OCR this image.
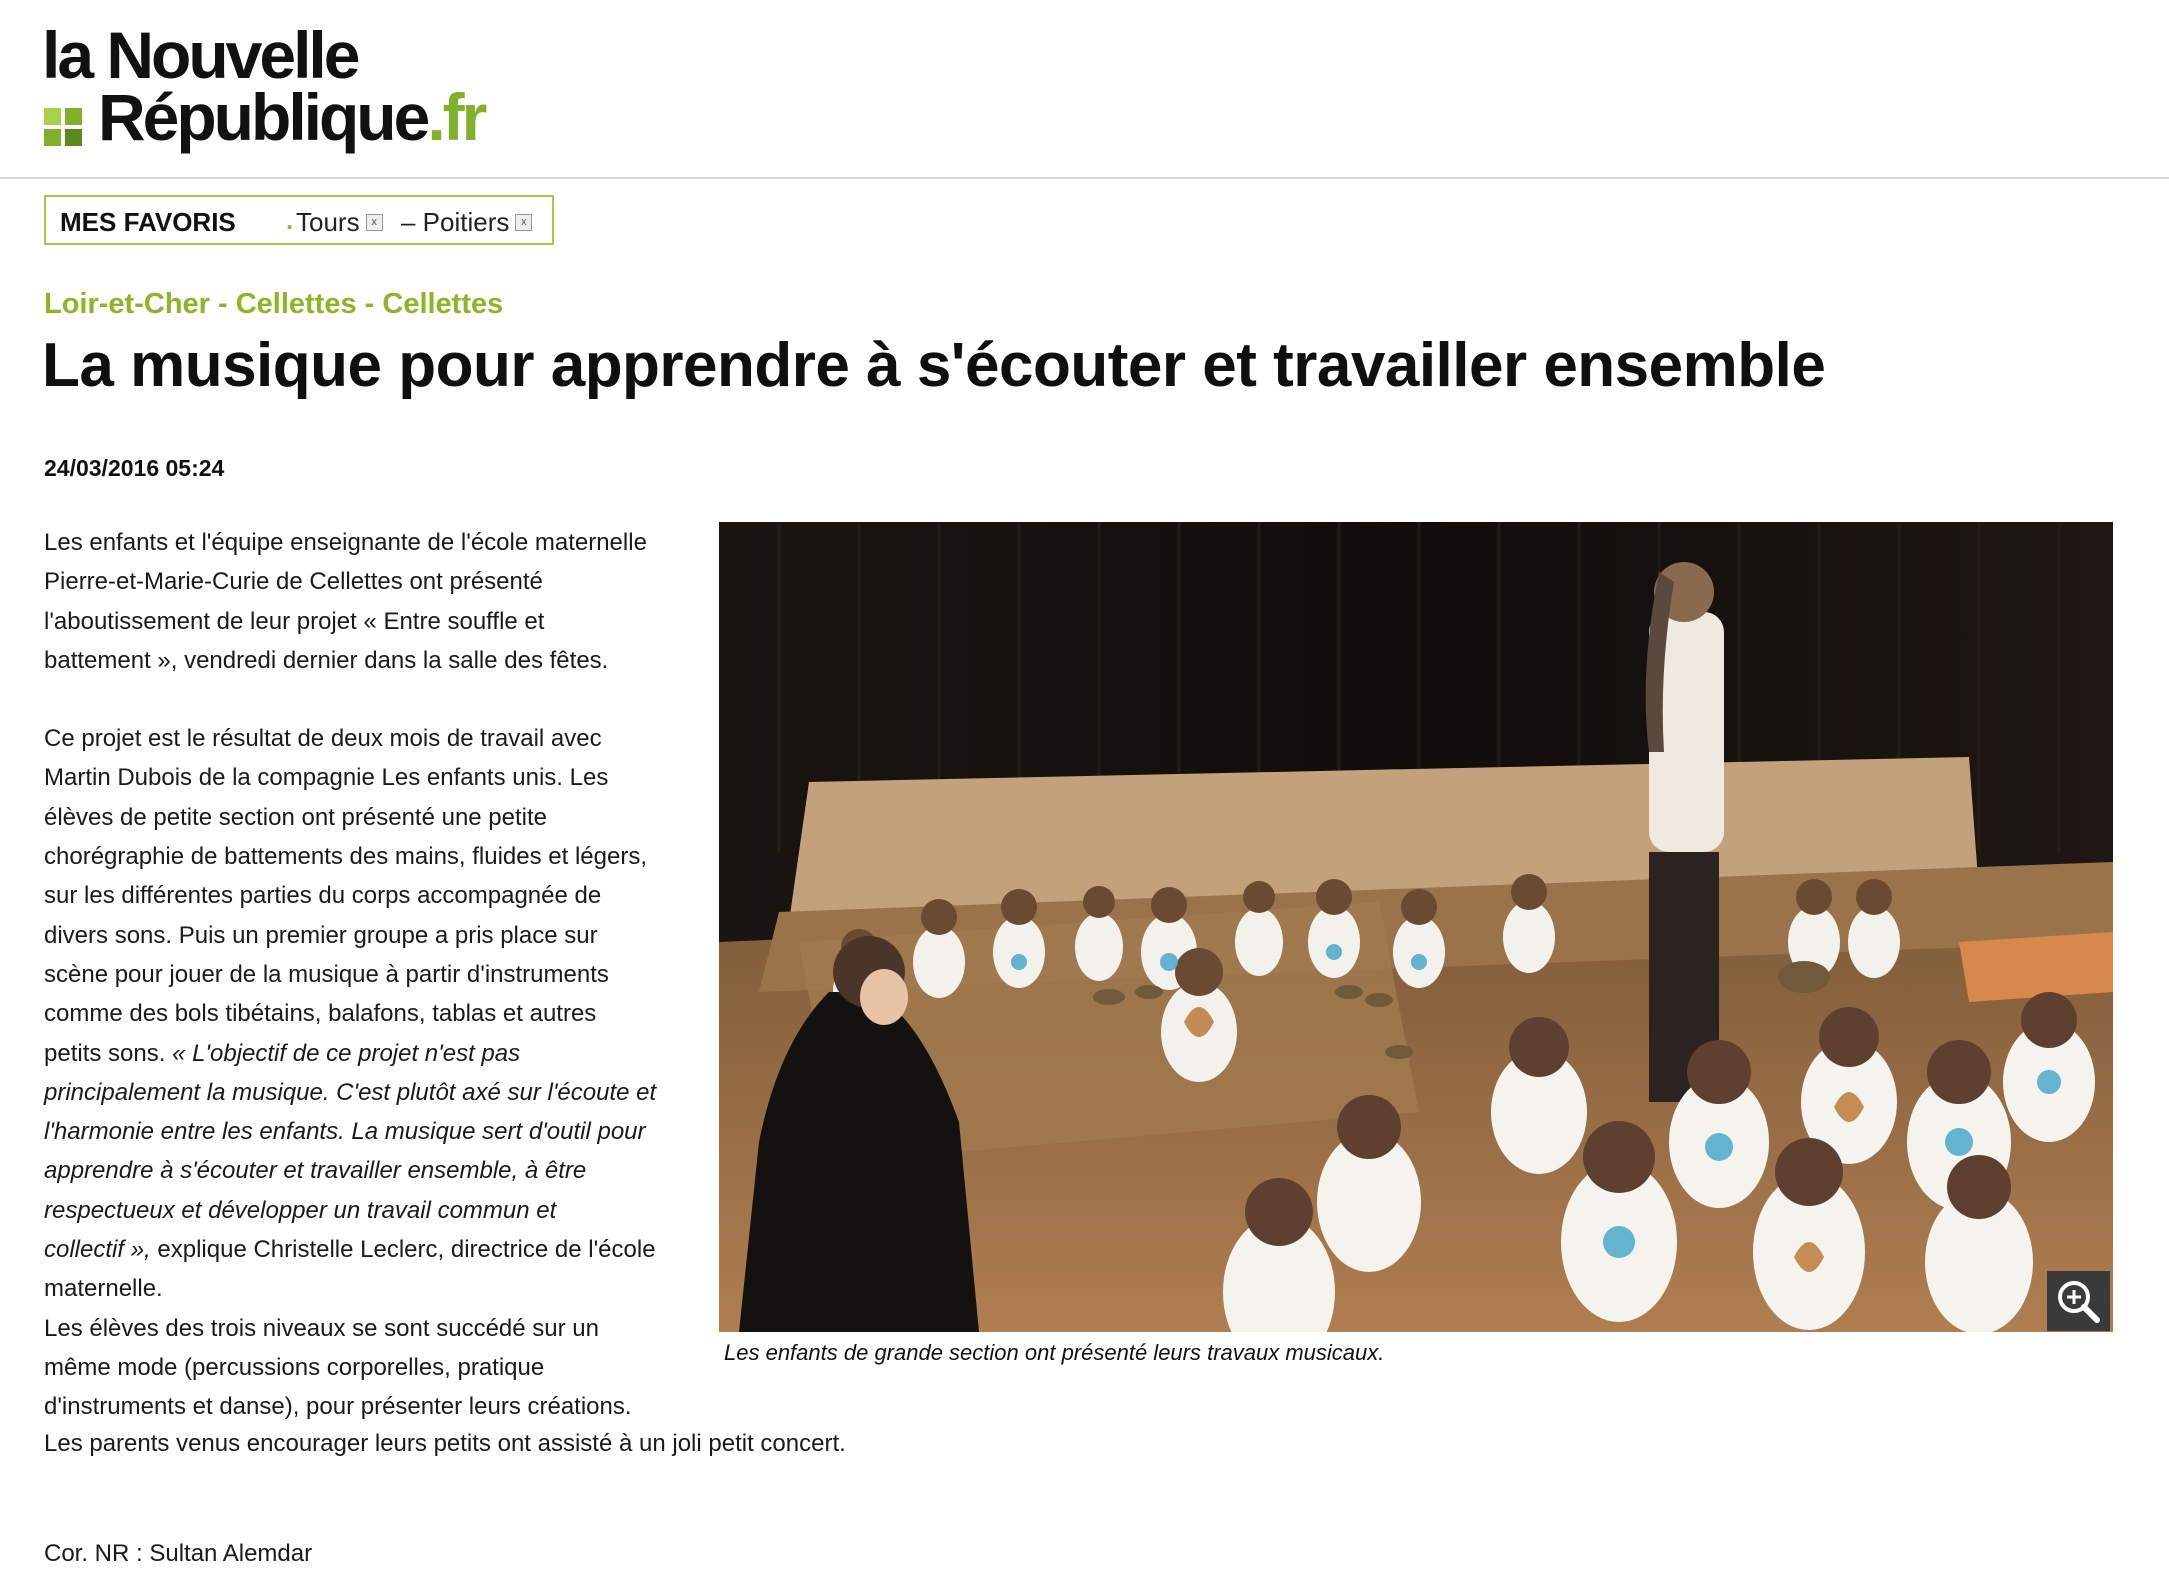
la Nouvelle
République.fr
MES FAVORIS . Tours x – Poitiers x
Loir-et-Cher - Cellettes - Cellettes
La musique pour apprendre à s'écouter et travailler ensemble
24/03/2016 05:24

Les enfants et l'équipe enseignante de l'école maternelle
Pierre-et-Marie-Curie de Cellettes ont présenté
l'aboutissement de leur projet « Entre souffle et
battement », vendredi dernier dans la salle des fêtes.

Ce projet est le résultat de deux mois de travail avec
Martin Dubois de la compagnie Les enfants unis. Les
élèves de petite section ont présenté une petite
chorégraphie de battements des mains, fluides et légers,
sur les différentes parties du corps accompagnée de
divers sons. Puis un premier groupe a pris place sur
scène pour jouer de la musique à partir d'instruments
comme des bols tibétains, balafons, tablas et autres
petits sons. « L'objectif de ce projet n'est pas
principalement la musique. C'est plutôt axé sur l'écoute et
l'harmonie entre les enfants. La musique sert d'outil pour
apprendre à s'écouter et travailler ensemble, à être
respectueux et développer un travail commun et
collectif », explique Christelle Leclerc, directrice de l'école
maternelle.
Les élèves des trois niveaux se sont succédé sur un
même mode (percussions corporelles, pratique
d'instruments et danse), pour présenter leurs créations.

Les parents venus encourager leurs petits ont assisté à un joli petit concert.
Les enfants de grande section ont présenté leurs travaux musicaux.
Cor. NR : Sultan Alemdar
